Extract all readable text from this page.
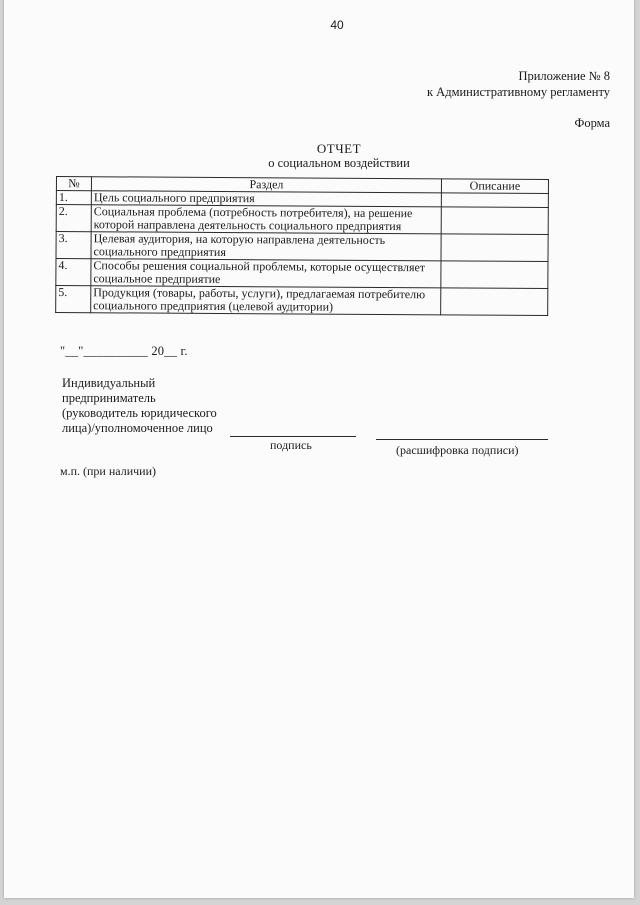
40
Приложение № 8
к Административному регламенту
Форма
ОТЧЕТ
о социальном воздействии
№	Раздел	Описание
1.	Цель социального предприятия	
2.	Социальная проблема (потребность потребителя), на решение которой направлена деятельность социального предприятия	
3.	Целевая аудитория, на которую направлена деятельность социального предприятия	
4.	Способы решения социальной проблемы, которые осуществляет социальное предприятие	
5.	Продукция (товары, работы, услуги), предлагаемая потребителю социального предприятия (целевой аудитории)	
"__"__________ 20__ г.
Индивидуальный
предприниматель
(руководитель юридического
лица)/уполномоченное лицо
подпись	(расшифровка подписи)
м.п. (при наличии)
